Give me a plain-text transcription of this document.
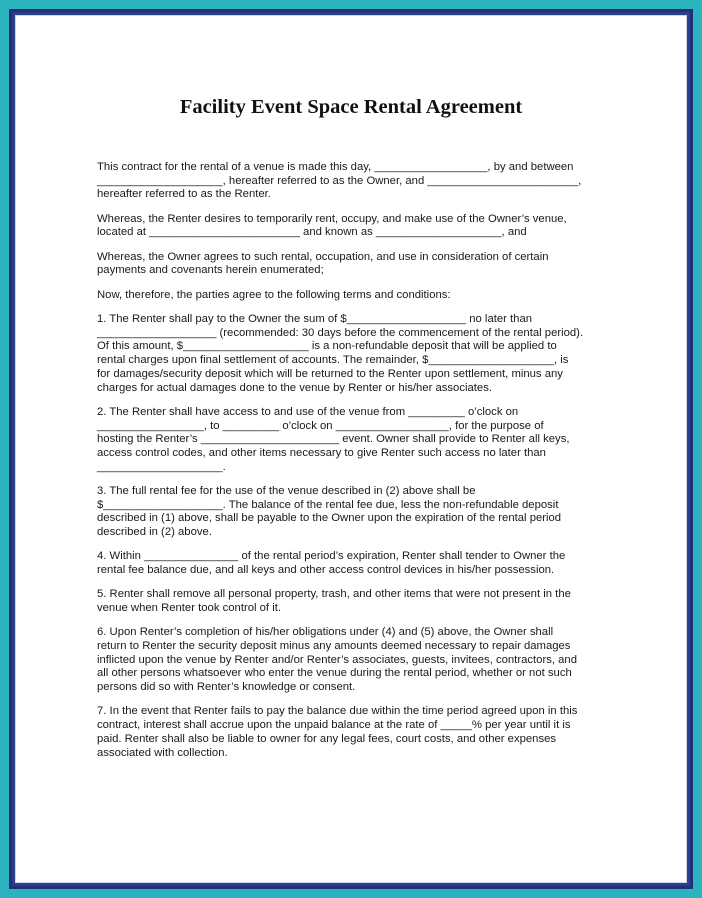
Facility Event Space Rental Agreement
This contract for the rental of a venue is made this day, __________________, by and between
____________________, hereafter referred to as the Owner, and ________________________,
hereafter referred to as the Renter.
Whereas, the Renter desires to temporarily rent, occupy, and make use of the Owner’s venue,
located at ________________________ and known as ____________________, and
Whereas, the Owner agrees to such rental, occupation, and use in consideration of certain
payments and covenants herein enumerated;
Now, therefore, the parties agree to the following terms and conditions:
1. The Renter shall pay to the Owner the sum of $___________________ no later than
___________________ (recommended: 30 days before the commencement of the rental period).
Of this amount, $____________________ is a non-refundable deposit that will be applied to
rental charges upon final settlement of accounts. The remainder, $____________________, is
for damages/security deposit which will be returned to the Renter upon settlement, minus any
charges for actual damages done to the venue by Renter or his/her associates.
2. The Renter shall have access to and use of the venue from _________ o’clock on
_________________, to _________ o’clock on __________________, for the purpose of
hosting the Renter’s ______________________ event. Owner shall provide to Renter all keys,
access control codes, and other items necessary to give Renter such access no later than
____________________.
3. The full rental fee for the use of the venue described in (2) above shall be
$___________________. The balance of the rental fee due, less the non-refundable deposit
described in (1) above, shall be payable to the Owner upon the expiration of the rental period
described in (2) above.
4. Within _______________ of the rental period’s expiration, Renter shall tender to Owner the
rental fee balance due, and all keys and other access control devices in his/her possession.
5. Renter shall remove all personal property, trash, and other items that were not present in the
venue when Renter took control of it.
6. Upon Renter’s completion of his/her obligations under (4) and (5) above, the Owner shall
return to Renter the security deposit minus any amounts deemed necessary to repair damages
inflicted upon the venue by Renter and/or Renter’s associates, guests, invitees, contractors, and
all other persons whatsoever who enter the venue during the rental period, whether or not such
persons did so with Renter’s knowledge or consent.
7. In the event that Renter fails to pay the balance due within the time period agreed upon in this
contract, interest shall accrue upon the unpaid balance at the rate of _____% per year until it is
paid. Renter shall also be liable to owner for any legal fees, court costs, and other expenses
associated with collection.
